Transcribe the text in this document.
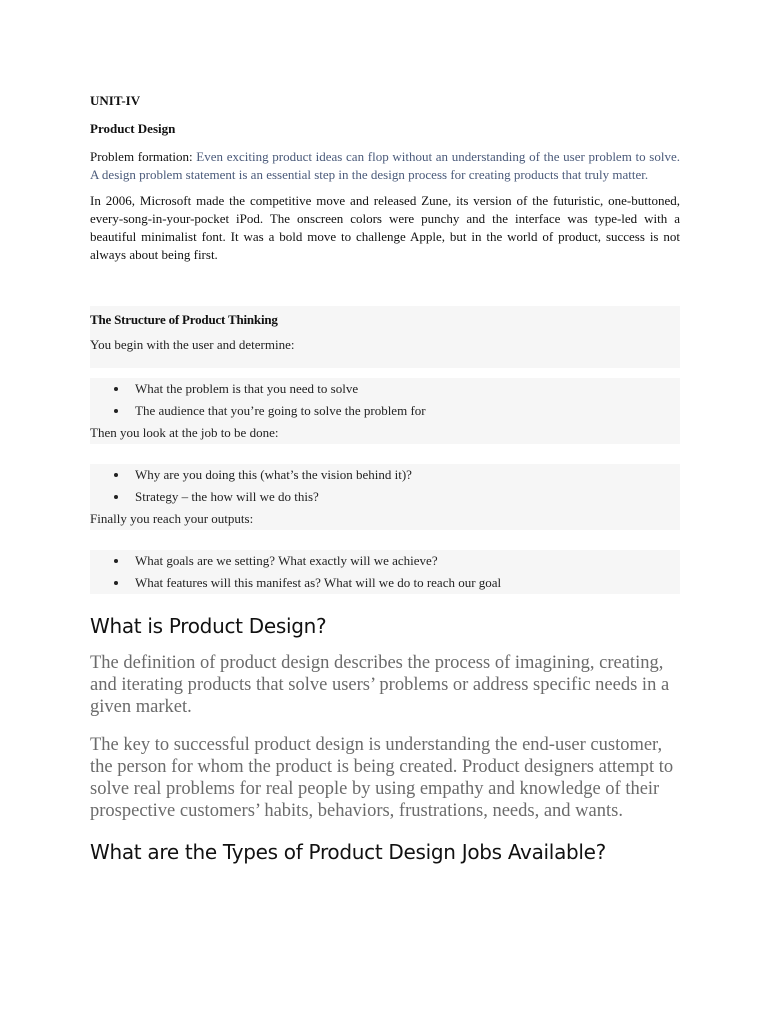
UNIT-IV
Product Design

Problem formation: Even exciting product ideas can flop without an understanding of the user problem to solve. A design problem statement is an essential step in the design process for creating products that truly matter.

In 2006, Microsoft made the competitive move and released Zune, its version of the futuristic, one-buttoned, every-song-in-your-pocket iPod. The onscreen colors were punchy and the interface was type-led with a beautiful minimalist font. It was a bold move to challenge Apple, but in the world of product, success is not always about being first.

The Structure of Product Thinking
You begin with the user and determine:
What the problem is that you need to solve
The audience that you’re going to solve the problem for
Then you look at the job to be done:
Why are you doing this (what’s the vision behind it)?
Strategy – the how will we do this?
Finally you reach your outputs:
What goals are we setting? What exactly will we achieve?
What features will this manifest as? What will we do to reach our goal
What is Product Design?

The definition of product design describes the process of imagining, creating, and iterating products that solve users’ problems or address specific needs in a given market.

The key to successful product design is understanding the end-user customer, the person for whom the product is being created. Product designers attempt to solve real problems for real people by using empathy and knowledge of their prospective customers’ habits, behaviors, frustrations, needs, and wants.

What are the Types of Product Design Jobs Available?
